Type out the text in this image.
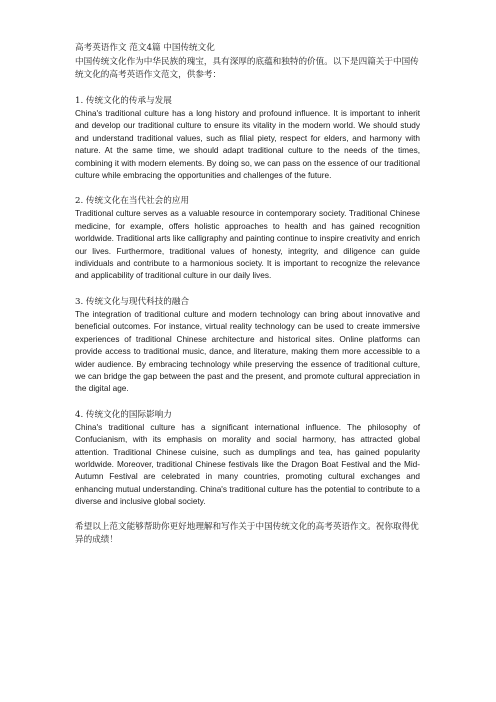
高考英语作文 范文4篇 中国传统文化

中国传统文化作为中华民族的瑰宝，具有深厚的底蕴和独特的价值。以下是四篇关于中国传统文化的高考英语作文范文，供参考：

1. 传统文化的传承与发展

China's traditional culture has a long history and profound influence. It is important to inherit and develop our traditional culture to ensure its vitality in the modern world. We should study and understand traditional values, such as filial piety, respect for elders, and harmony with nature. At the same time, we should adapt traditional culture to the needs of the times, combining it with modern elements. By doing so, we can pass on the essence of our traditional culture while embracing the opportunities and challenges of the future.

2. 传统文化在当代社会的应用

Traditional culture serves as a valuable resource in contemporary society. Traditional Chinese medicine, for example, offers holistic approaches to health and has gained recognition worldwide. Traditional arts like calligraphy and painting continue to inspire creativity and enrich our lives. Furthermore, traditional values of honesty, integrity, and diligence can guide individuals and contribute to a harmonious society. It is important to recognize the relevance and applicability of traditional culture in our daily lives.

3. 传统文化与现代科技的融合

The integration of traditional culture and modern technology can bring about innovative and beneficial outcomes. For instance, virtual reality technology can be used to create immersive experiences of traditional Chinese architecture and historical sites. Online platforms can provide access to traditional music, dance, and literature, making them more accessible to a wider audience. By embracing technology while preserving the essence of traditional culture, we can bridge the gap between the past and the present, and promote cultural appreciation in the digital age.

4. 传统文化的国际影响力

China's traditional culture has a significant international influence. The philosophy of Confucianism, with its emphasis on morality and social harmony, has attracted global attention. Traditional Chinese cuisine, such as dumplings and tea, has gained popularity worldwide. Moreover, traditional Chinese festivals like the Dragon Boat Festival and the Mid-Autumn Festival are celebrated in many countries, promoting cultural exchanges and enhancing mutual understanding. China's traditional culture has the potential to contribute to a diverse and inclusive global society.

希望以上范文能够帮助你更好地理解和写作关于中国传统文化的高考英语作文。祝你取得优异的成绩！
